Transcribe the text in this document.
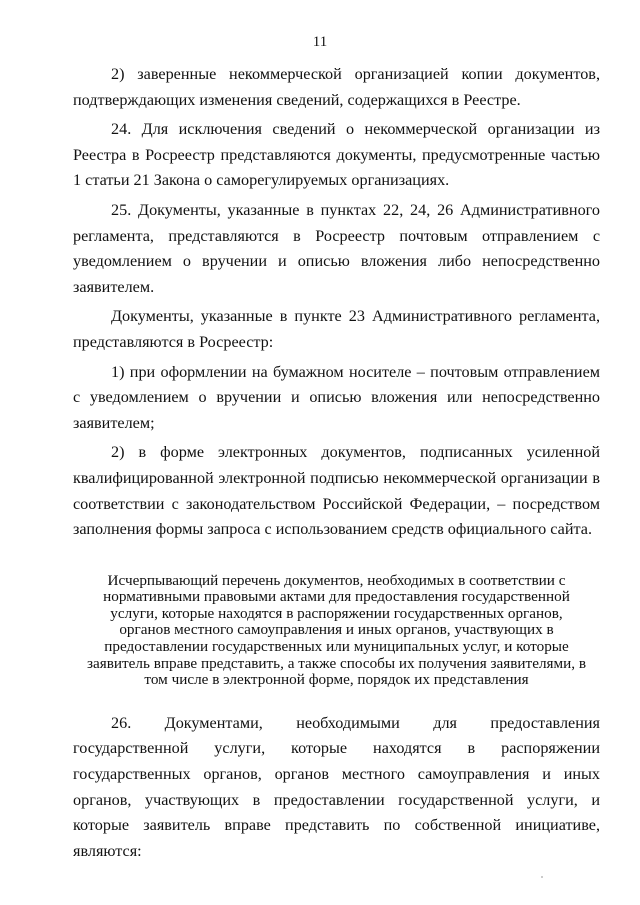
11

2) заверенные некоммерческой организацией копии документов, подтверждающих изменения сведений, содержащихся в Реестре.

24. Для исключения сведений о некоммерческой организации из Реестра в Росреестр представляются документы, предусмотренные частью 1 статьи 21 Закона о саморегулируемых организациях.

25. Документы, указанные в пунктах 22, 24, 26 Административного регламента, представляются в Росреестр почтовым отправлением с уведомлением о вручении и описью вложения либо непосредственно заявителем.

Документы, указанные в пункте 23 Административного регламента, представляются в Росреестр:

1) при оформлении на бумажном носителе – почтовым отправлением с уведомлением о вручении и описью вложения или непосредственно заявителем;

2) в форме электронных документов, подписанных усиленной квалифицированной электронной подписью некоммерческой организации в соответствии с законодательством Российской Федерации, – посредством заполнения формы запроса с использованием средств официального сайта.

Исчерпывающий перечень документов, необходимых в соответствии с нормативными правовыми актами для предоставления государственной услуги, которые находятся в распоряжении государственных органов, органов местного самоуправления и иных органов, участвующих в предоставлении государственных или муниципальных услуг, и которые заявитель вправе представить, а также способы их получения заявителями, в том числе в электронной форме, порядок их представления

26. Документами, необходимыми для предоставления государственной услуги, которые находятся в распоряжении государственных органов, органов местного самоуправления и иных органов, участвующих в предоставлении государственной услуги, и которые заявитель вправе представить по собственной инициативе, являются:
